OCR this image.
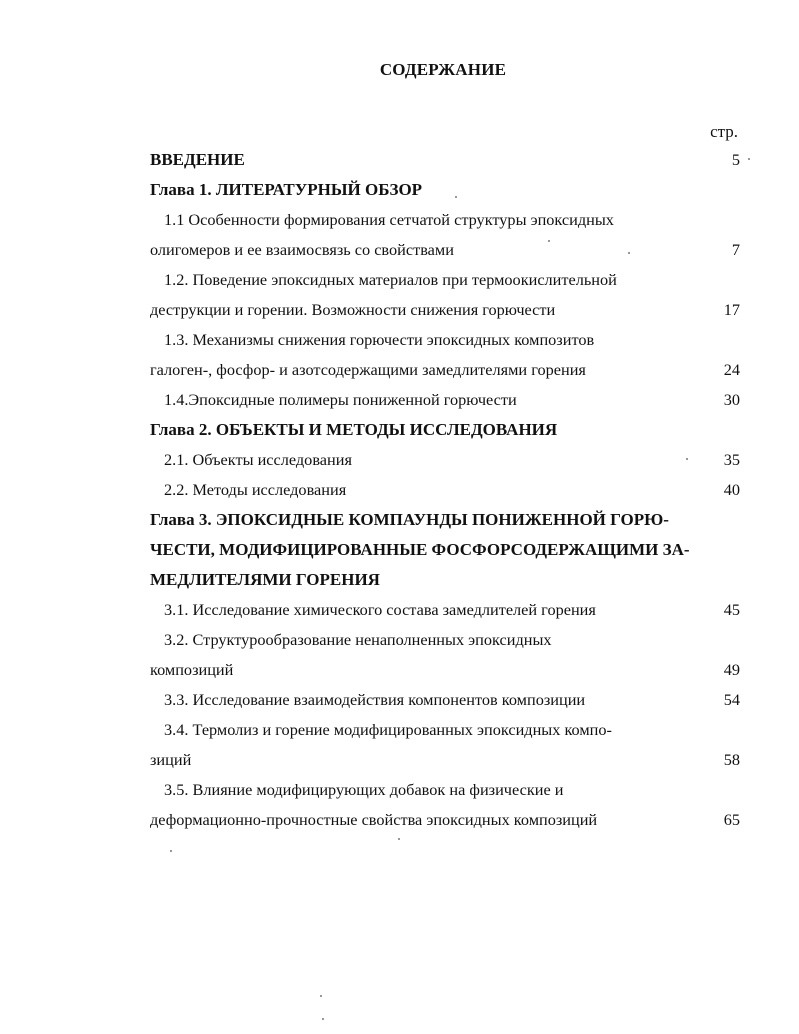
СОДЕРЖАНИЕ
стр.
ВВЕДЕНИЕ	5
Глава 1. ЛИТЕРАТУРНЫЙ ОБЗОР
1.1 Особенности формирования сетчатой структуры эпоксидных
олигомеров и ее взаимосвязь со свойствами	7
1.2. Поведение эпоксидных материалов при термоокислительной
деструкции и горении. Возможности снижения горючести	17
1.3. Механизмы снижения горючести эпоксидных композитов
галоген-, фосфор- и азотсодержащими замедлителями горения	24
1.4.Эпоксидные полимеры пониженной горючести	30
Глава 2. ОБЪЕКТЫ И МЕТОДЫ ИССЛЕДОВАНИЯ
2.1. Объекты исследования	35
2.2. Методы исследования	40
Глава 3. ЭПОКСИДНЫЕ КОМПАУНДЫ ПОНИЖЕННОЙ ГОРЮ-
ЧЕСТИ, МОДИФИЦИРОВАННЫЕ ФОСФОРСОДЕРЖАЩИМИ ЗА-
МЕДЛИТЕЛЯМИ ГОРЕНИЯ
3.1. Исследование химического состава замедлителей горения	45
3.2. Структурообразование ненаполненных эпоксидных
композиций	49
3.3. Исследование взаимодействия компонентов композиции	54
3.4. Термолиз и горение модифицированных эпоксидных компо-
зиций	58
3.5. Влияние модифицирующих добавок на физические и
деформационно-прочностные свойства эпоксидных композиций	65
